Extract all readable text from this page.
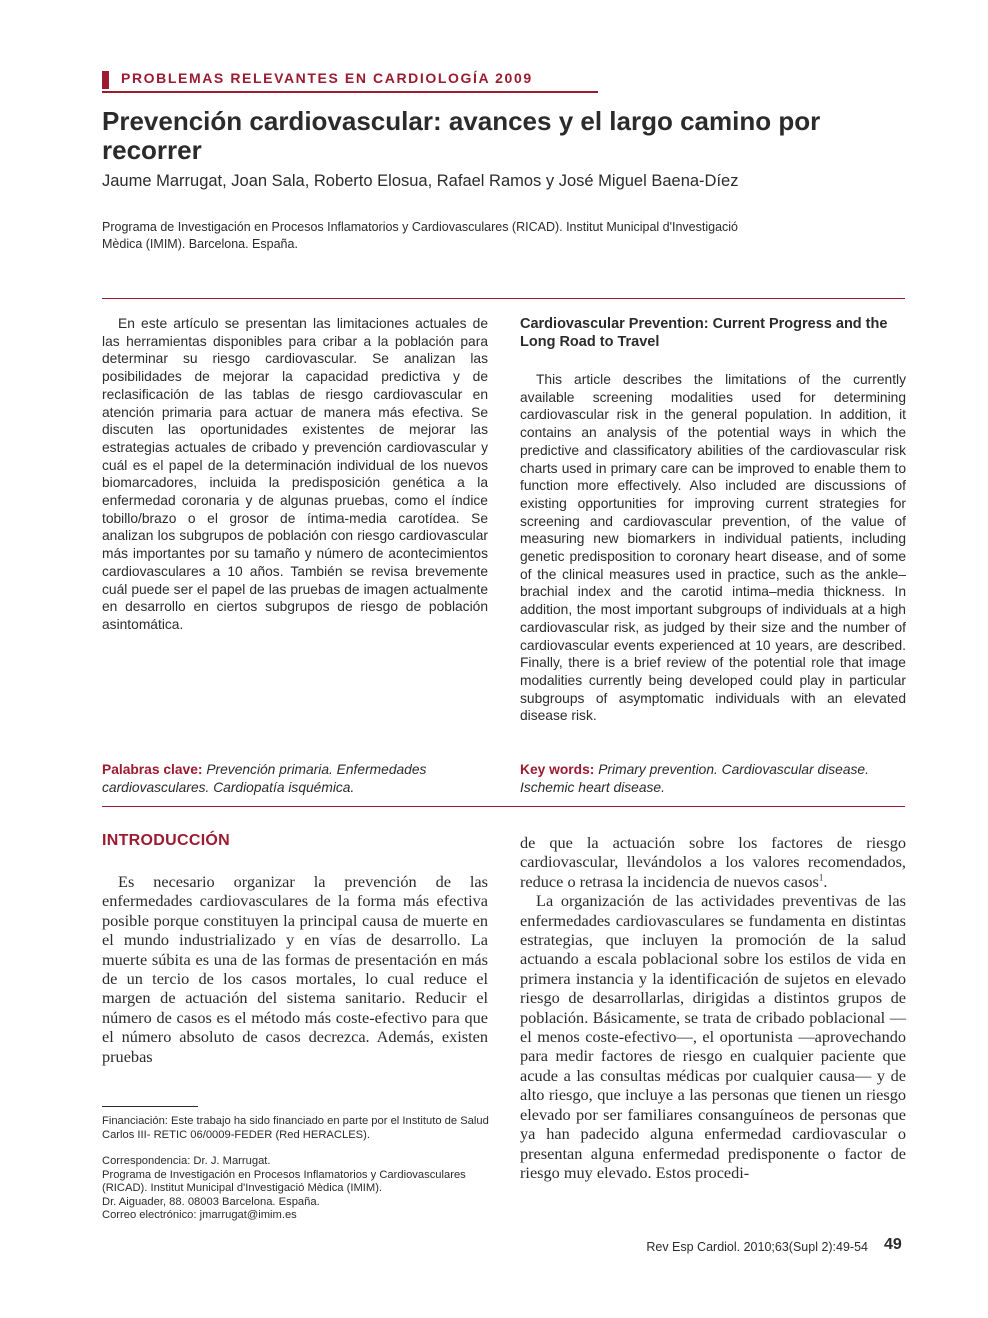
PROBLEMAS RELEVANTES EN CARDIOLOGÍA 2009
Prevención cardiovascular: avances y el largo camino por recorrer
Jaume Marrugat, Joan Sala, Roberto Elosua, Rafael Ramos y José Miguel Baena-Díez
Programa de Investigación en Procesos Inflamatorios y Cardiovasculares (RICAD). Institut Municipal d'Investigació Mèdica (IMIM). Barcelona. España.

En este artículo se presentan las limitaciones actuales de las herramientas disponibles para cribar a la población para determinar su riesgo cardiovascular. Se analizan las posibilidades de mejorar la capacidad predictiva y de reclasificación de las tablas de riesgo cardiovascular en atención primaria para actuar de manera más efectiva. Se discuten las oportunidades existentes de mejorar las estrategias actuales de cribado y prevención cardiovascular y cuál es el papel de la determinación individual de los nuevos biomarcadores, incluida la predisposición genética a la enfermedad coronaria y de algunas pruebas, como el índice tobillo/brazo o el grosor de íntima-media carotídea. Se analizan los subgrupos de población con riesgo cardiovascular más importantes por su tamaño y número de acontecimientos cardiovasculares a 10 años. También se revisa brevemente cuál puede ser el papel de las pruebas de imagen actualmente en desarrollo en ciertos subgrupos de riesgo de población asintomática.

Cardiovascular Prevention: Current Progress and the Long Road to Travel

This article describes the limitations of the currently available screening modalities used for determining cardiovascular risk in the general population. In addition, it contains an analysis of the potential ways in which the predictive and classificatory abilities of the cardiovascular risk charts used in primary care can be improved to enable them to function more effectively. Also included are discussions of existing opportunities for improving current strategies for screening and cardiovascular prevention, of the value of measuring new biomarkers in individual patients, including genetic predisposition to coronary heart disease, and of some of the clinical measures used in practice, such as the ankle–brachial index and the carotid intima–media thickness. In addition, the most important subgroups of individuals at a high cardiovascular risk, as judged by their size and the number of cardiovascular events experienced at 10 years, are described. Finally, there is a brief review of the potential role that image modalities currently being developed could play in particular subgroups of asymptomatic individuals with an elevated disease risk.

Palabras clave: Prevención primaria. Enfermedades cardiovasculares. Cardiopatía isquémica.
Key words: Primary prevention. Cardiovascular disease. Ischemic heart disease.
INTRODUCCIÓN

Es necesario organizar la prevención de las enfermedades cardiovasculares de la forma más efectiva posible porque constituyen la principal causa de muerte en el mundo industrializado y en vías de desarrollo. La muerte súbita es una de las formas de presentación en más de un tercio de los casos mortales, lo cual reduce el margen de actuación del sistema sanitario. Reducir el número de casos es el método más coste-efectivo para que el número absoluto de casos decrezca. Además, existen pruebas

de que la actuación sobre los factores de riesgo cardiovascular, llevándolos a los valores recomendados, reduce o retrasa la incidencia de nuevos casos$^1$.

La organización de las actividades preventivas de las enfermedades cardiovasculares se fundamenta en distintas estrategias, que incluyen la promoción de la salud actuando a escala poblacional sobre los estilos de vida en primera instancia y la identificación de sujetos en elevado riesgo de desarrollarlas, dirigidas a distintos grupos de población. Básicamente, se trata de cribado poblacional —el menos coste-efectivo—, el oportunista —aprovechando para medir factores de riesgo en cualquier paciente que acude a las consultas médicas por cualquier causa— y de alto riesgo, que incluye a las personas que tienen un riesgo elevado por ser familiares consanguíneos de personas que ya han padecido alguna enfermedad cardiovascular o presentan alguna enfermedad predisponente o factor de riesgo muy elevado. Estos procedi-

Financiación: Este trabajo ha sido financiado en parte por el Instituto de Salud Carlos III- RETIC 06/0009-FEDER (Red HERACLES).
Correspondencia: Dr. J. Marrugat.
Programa de Investigación en Procesos Inflamatorios y Cardiovasculares (RICAD). Institut Municipal d'Investigació Mèdica (IMIM).
Dr. Aiguader, 88. 08003 Barcelona. España.
Correo electrónico: jmarrugat@imim.es
Rev Esp Cardiol. 2010;63(Supl 2):49-54 49
